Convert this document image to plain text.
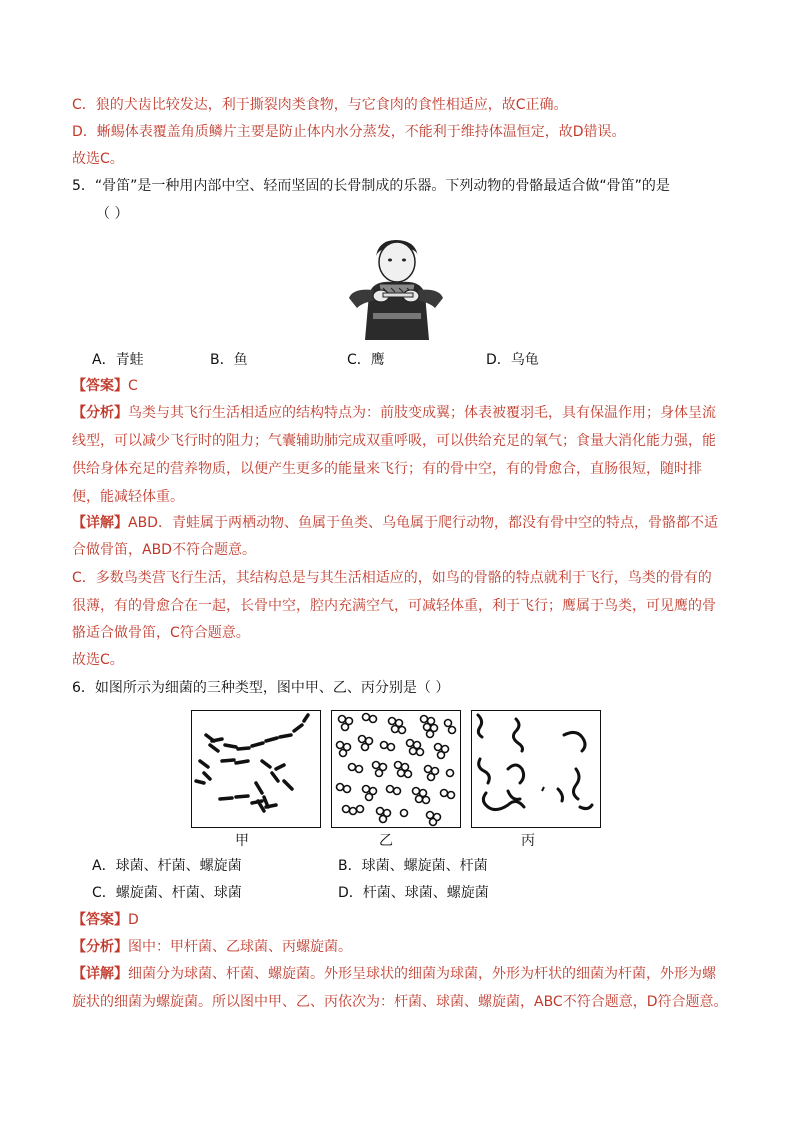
C．狼的犬齿比较发达，利于撕裂肉类食物，与它食肉的食性相适应，故C正确。
D．蜥蜴体表覆盖角质鳞片主要是防止体内水分蒸发，不能利于维持体温恒定，故D错误。
故选C。
5．“骨笛”是一种用内部中空、轻而坚固的长骨制成的乐器。下列动物的骨骼最适合做“骨笛”的是
（ ）
A．青蛙	B．鱼	C．鹰	D．乌龟
【答案】C
【分析】鸟类与其飞行生活相适应的结构特点为：前肢变成翼；体表被覆羽毛，具有保温作用；身体呈流
线型，可以减少飞行时的阻力；气囊辅助肺完成双重呼吸，可以供给充足的氧气；食量大消化能力强，能
供给身体充足的营养物质，以便产生更多的能量来飞行；有的骨中空，有的骨愈合，直肠很短，随时排
便，能减轻体重。
【详解】ABD．青蛙属于两栖动物、鱼属于鱼类、乌龟属于爬行动物，都没有骨中空的特点，骨骼都不适
合做骨笛，ABD不符合题意。
C．多数鸟类营飞行生活，其结构总是与其生活相适应的，如鸟的骨骼的特点就利于飞行，鸟类的骨有的
很薄，有的骨愈合在一起，长骨中空，腔内充满空气，可减轻体重，利于飞行；鹰属于鸟类，可见鹰的骨
骼适合做骨笛，C符合题意。
故选C。
6．如图所示为细菌的三种类型，图中甲、乙、丙分别是（ ）
甲	乙	丙
A．球菌、杆菌、螺旋菌	B．球菌、螺旋菌、杆菌
C．螺旋菌、杆菌、球菌	D．杆菌、球菌、螺旋菌
【答案】D
【分析】图中：甲杆菌、乙球菌、丙螺旋菌。
【详解】细菌分为球菌、杆菌、螺旋菌。外形呈球状的细菌为球菌，外形为杆状的细菌为杆菌，外形为螺
旋状的细菌为螺旋菌。所以图中甲、乙、丙依次为：杆菌、球菌、螺旋菌，ABC不符合题意，D符合题意。
